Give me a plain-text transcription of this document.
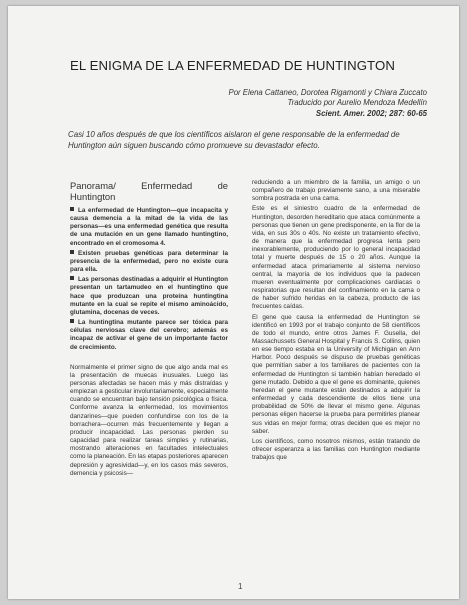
EL ENIGMA DE LA ENFERMEDAD DE HUNTINGTON
Por Elena Cattaneo, Dorotea Rigamonti y Chiara Zuccato
Traducido por Aurelio Mendoza Medellín
Scient. Amer. 2002; 287: 60-65
Casi 10 años después de que los científicos aislaron el gene responsable de la enfermedad de Huntington aún siguen buscando cómo promueve su devastador efecto.
Panorama/ Enfermedad de Huntington

La enfermedad de Huntington—que incapacita y causa demencia a la mitad de la vida de las personas—es una enfermedad genética que resulta de una mutación en un gene llamado huntingtino, encontrado en el cromosoma 4.

Existen pruebas genéticas para determinar la presencia de la enfermedad, pero no existe cura para ella.

Las personas destinadas a adquirir el Huntington presentan un tartamudeo en el huntingtino que hace que produzcan una proteína huntingtina mutante en la cual se repite el mismo aminoácido, glutamina, docenas de veces.

La huntingtina mutante parece ser tóxica para células nerviosas clave del cerebro; además es incapaz de activar el gene de un importante factor de crecimiento.

Normalmente el primer signo de que algo anda mal es la presentación de muecas inusuales. Luego las personas afectadas se hacen más y más distraídas y empiezan a gesticular involuntariamente, especialmente cuando se encuentran bajo tensión psicológica o física. Conforme avanza la enfermedad, los movimientos danzarines—que pueden confundirse con los de la borrachera—ocurren más frecuentemente y llegan a producir incapacidad. Las personas pierden su capacidad para realizar tareas simples y rutinarias, mostrando alteraciones en facultades intelectuales como la planeación. En las etapas posteriores aparecen depresión y agresividad—y, en los casos más severos, demencia y psicosis—

reduciendo a un miembro de la familia, un amigo o un compañero de trabajo previamente sano, a una miserable sombra postrada en una cama.

Este es el siniestro cuadro de la enfermedad de Huntington, desorden hereditario que ataca comúnmente a personas que tienen un gene predisponente, en la flor de la vida, en sus 30s o 40s. No existe un tratamiento efectivo, de manera que la enfermedad progresa lenta pero inexorablemente, produciendo por lo general incapacidad total y muerte después de 15 o 20 años. Aunque la enfermedad ataca primariamente al sistema nervioso central, la mayoría de los individuos que la padecen mueren eventualmente por complicaciones cardiacas o respiratorias que resultan del confinamiento en la cama o de haber sufrido heridas en la cabeza, producto de las frecuentes caídas.

El gene que causa la enfermedad de Huntington se identificó en 1993 por el trabajo conjunto de 58 científicos de todo el mundo, entre otros James F. Gusella, del Massachussets General Hospital y Francis S. Collins, quien en ese tiempo estaba en la University of Michigan en Ann Harbor. Poco después se dispuso de pruebas genéticas que permitían saber a los familiares de pacientes con la enfermedad de Huntington si también habían heredado el gene mutado. Debido a que el gene es dominante, quienes heredan el gene mutante están destinados a adquirir la enfermedad y cada descendiente de ellos tiene una probabilidad de 50% de llevar el mismo gene. Algunas personas eligen hacerse la prueba para permitirles planear sus vidas en mejor forma; otras deciden que es mejor no saber.

Los científicos, como nosotros mismos, están tratando de ofrecer esperanza a las familias con Huntington mediante trabajos que

1
